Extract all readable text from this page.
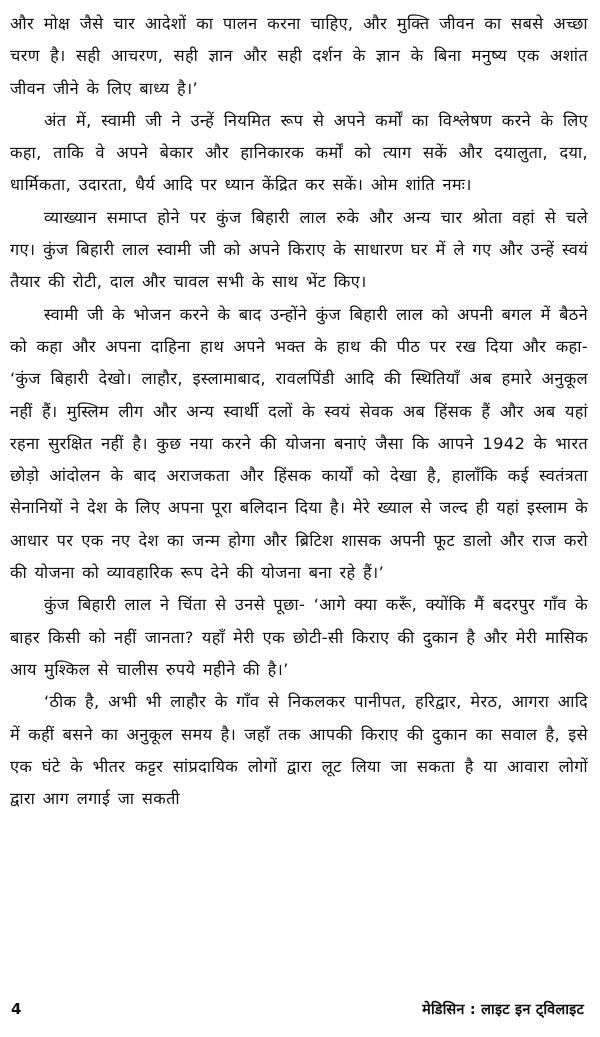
और मोक्ष जैसे चार आदेशों का पालन करना चाहिए, और मुक्ति जीवन का सबसे अच्छा चरण है। सही आचरण, सही ज्ञान और सही दर्शन के ज्ञान के बिना मनुष्य एक अशांत जीवन जीने के लिए बाध्य है।’

अंत में, स्वामी जी ने उन्हें नियमित रूप से अपने कर्मों का विश्लेषण करने के लिए कहा, ताकि वे अपने बेकार और हानिकारक कर्मों को त्याग सकें और दयालुता, दया, धार्मिकता, उदारता, धैर्य आदि पर ध्यान केंद्रित कर सकें। ओम शांति नमः।

व्याख्यान समाप्त होने पर कुंज बिहारी लाल रुके और अन्य चार श्रोता वहां से चले गए। कुंज बिहारी लाल स्वामी जी को अपने किराए के साधारण घर में ले गए और उन्हें स्वयं तैयार की रोटी, दाल और चावल सभी के साथ भेंट किए।

स्वामी जी के भोजन करने के बाद उन्होंने कुंज बिहारी लाल को अपनी बगल में बैठने को कहा और अपना दाहिना हाथ अपने भक्त के हाथ की पीठ पर रख दिया और कहा- ‘कुंज बिहारी देखो। लाहौर, इस्लामाबाद, रावलपिंडी आदि की स्थितियाँ अब हमारे अनुकूल नहीं हैं। मुस्लिम लीग और अन्य स्वार्थी दलों के स्वयं सेवक अब हिंसक हैं और अब यहां रहना सुरक्षित नहीं है। कुछ नया करने की योजना बनाएं जैसा कि आपने 1942 के भारत छोड़ो आंदोलन के बाद अराजकता और हिंसक कार्यों को देखा है, हालाँकि कई स्वतंत्रता सेनानियों ने देश के लिए अपना पूरा बलिदान दिया है। मेरे ख्याल से जल्द ही यहां इस्लाम के आधार पर एक नए देश का जन्म होगा और ब्रिटिश शासक अपनी फूट डालो और राज करो की योजना को व्यावहारिक रूप देने की योजना बना रहे हैं।’

कुंज बिहारी लाल ने चिंता से उनसे पूछा- ‘आगे क्या करूँ, क्योंकि मैं बदरपुर गाँव के बाहर किसी को नहीं जानता? यहाँ मेरी एक छोटी-सी किराए की दुकान है और मेरी मासिक आय मुश्किल से चालीस रुपये महीने की है।’

‘ठीक है, अभी भी लाहौर के गाँव से निकलकर पानीपत, हरिद्वार, मेरठ, आगरा आदि में कहीं बसने का अनुकूल समय है। जहाँ तक आपकी किराए की दुकान का सवाल है, इसे एक घंटे के भीतर कट्टर सांप्रदायिक लोगों द्वारा लूट लिया जा सकता है या आवारा लोगों द्वारा आग लगाई जा सकती

4	मेडिसिन : लाइट इन ट्विलाइट
